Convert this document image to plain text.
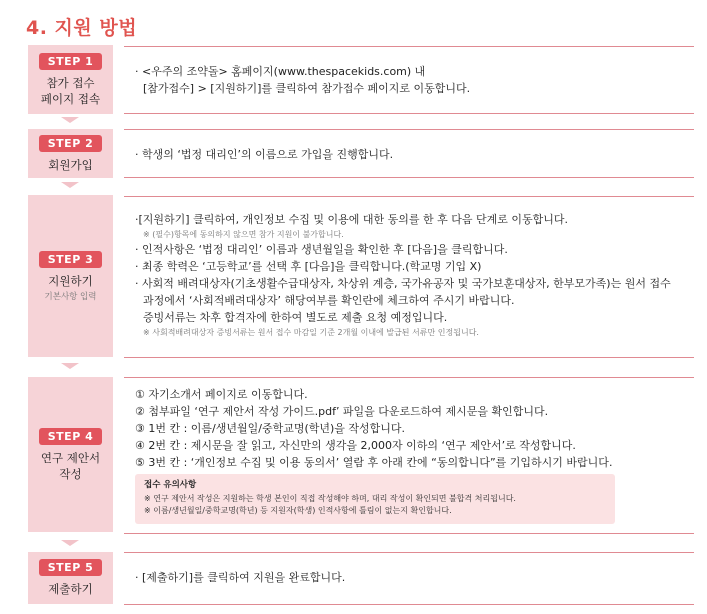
4. 지원 방법
STEP 1
참가 접수
페이지 접속
· <우주의 조약돌> 홈페이지(www.thespacekids.com) 내
[참가접수] > [지원하기]를 클릭하여 참가접수 페이지로 이동합니다.
STEP 2
회원가입
· 학생의 ‘법정 대리인’의 이름으로 가입을 진행합니다.
STEP 3
지원하기
기본사항 입력
·[지원하기] 클릭하여, 개인정보 수집 및 이용에 대한 동의를 한 후 다음 단계로 이동합니다.
※ (필수)항목에 동의하지 않으면 참가 지원이 불가합니다.
· 인적사항은 ‘법정 대리인’ 이름과 생년월일을 확인한 후 [다음]을 클릭합니다.
· 최종 학력은 ‘고등학교’를 선택 후 [다음]을 클릭합니다.(학교명 기입 X)
· 사회적 배려대상자(기초생활수급대상자, 차상위 계층, 국가유공자 및 국가보훈대상자, 한부모가족)는 원서 접수
과정에서 ‘사회적배려대상자’ 해당여부를 확인란에 체크하여 주시기 바랍니다.
증빙서류는 차후 합격자에 한하여 별도로 제출 요청 예정입니다.
※ 사회적배려대상자 증빙서류는 원서 접수 마감일 기준 2개월 이내에 발급된 서류만 인정됩니다.
STEP 4
연구 제안서
작성
① 자기소개서 페이지로 이동합니다.
② 첨부파일 ‘연구 제안서 작성 가이드.pdf’ 파일을 다운로드하여 제시문을 확인합니다.
③ 1번 칸 : 이름/생년월일/중학교명(학년)을 작성합니다.
④ 2번 칸 : 제시문을 잘 읽고, 자신만의 생각을 2,000자 이하의 ‘연구 제안서’로 작성합니다.
⑤ 3번 칸 : ‘개인정보 수집 및 이용 동의서’ 열람 후 아래 칸에 “동의합니다”를 기입하시기 바랍니다.
접수 유의사항
※ 연구 제안서 작성은 지원하는 학생 본인이 직접 작성해야 하며, 대리 작성이 확인되면 불합격 처리됩니다.
※ 이름/생년월일/중학교명(학년) 등 지원자(학생) 인적사항에 틀림이 없는지 확인합니다.
STEP 5
제출하기
· [제출하기]를 클릭하여 지원을 완료합니다.
